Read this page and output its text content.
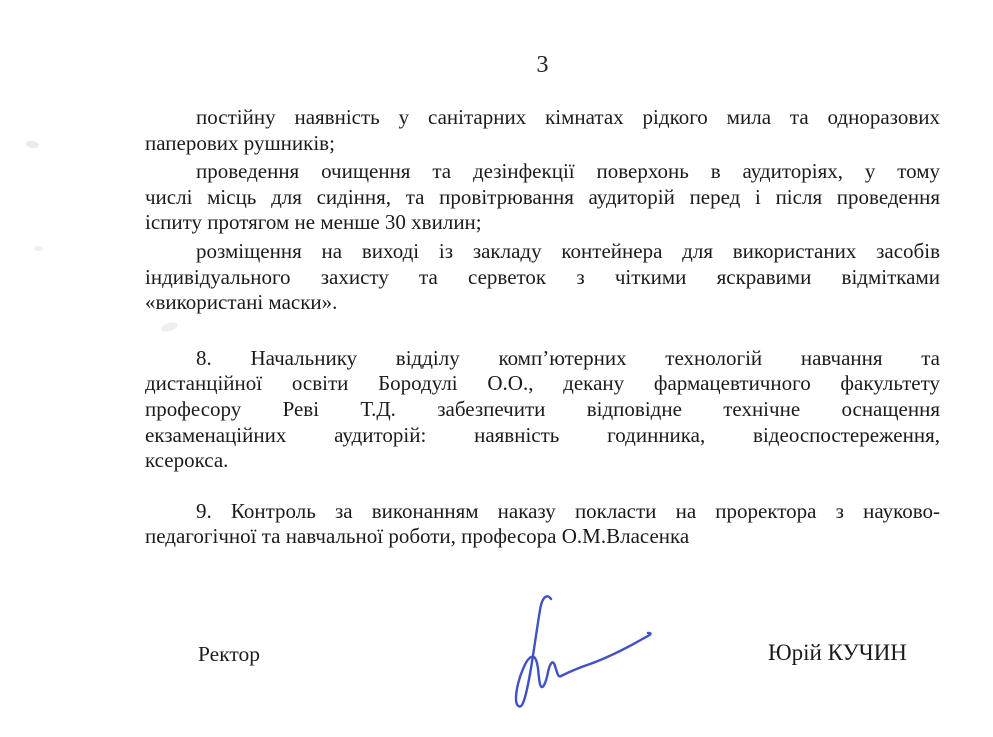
3
постійну наявність у санітарних кімнатах рідкого мила та одноразових
паперових рушників;
проведення очищення та дезінфекції поверхонь в аудиторіях, у тому
числі місць для сидіння, та провітрювання аудиторій перед і після проведення
іспиту протягом не менше 30 хвилин;
розміщення на виході із закладу контейнера для використаних засобів
індивідуального захисту та серветок з чіткими яскравими відмітками
«використані маски».
8. Начальнику відділу комп’ютерних технологій навчання та
дистанційної освіти Бородулі О.О., декану фармацевтичного факультету
професору Реві Т.Д. забезпечити відповідне технічне оснащення
екзаменаційних аудиторій: наявність годинника, відеоспостереження,
ксерокса.
9. Контроль за виконанням наказу покласти на проректора з науково-
педагогічної та навчальної роботи, професора О.М.Власенка
Ректор	Юрій КУЧИН
